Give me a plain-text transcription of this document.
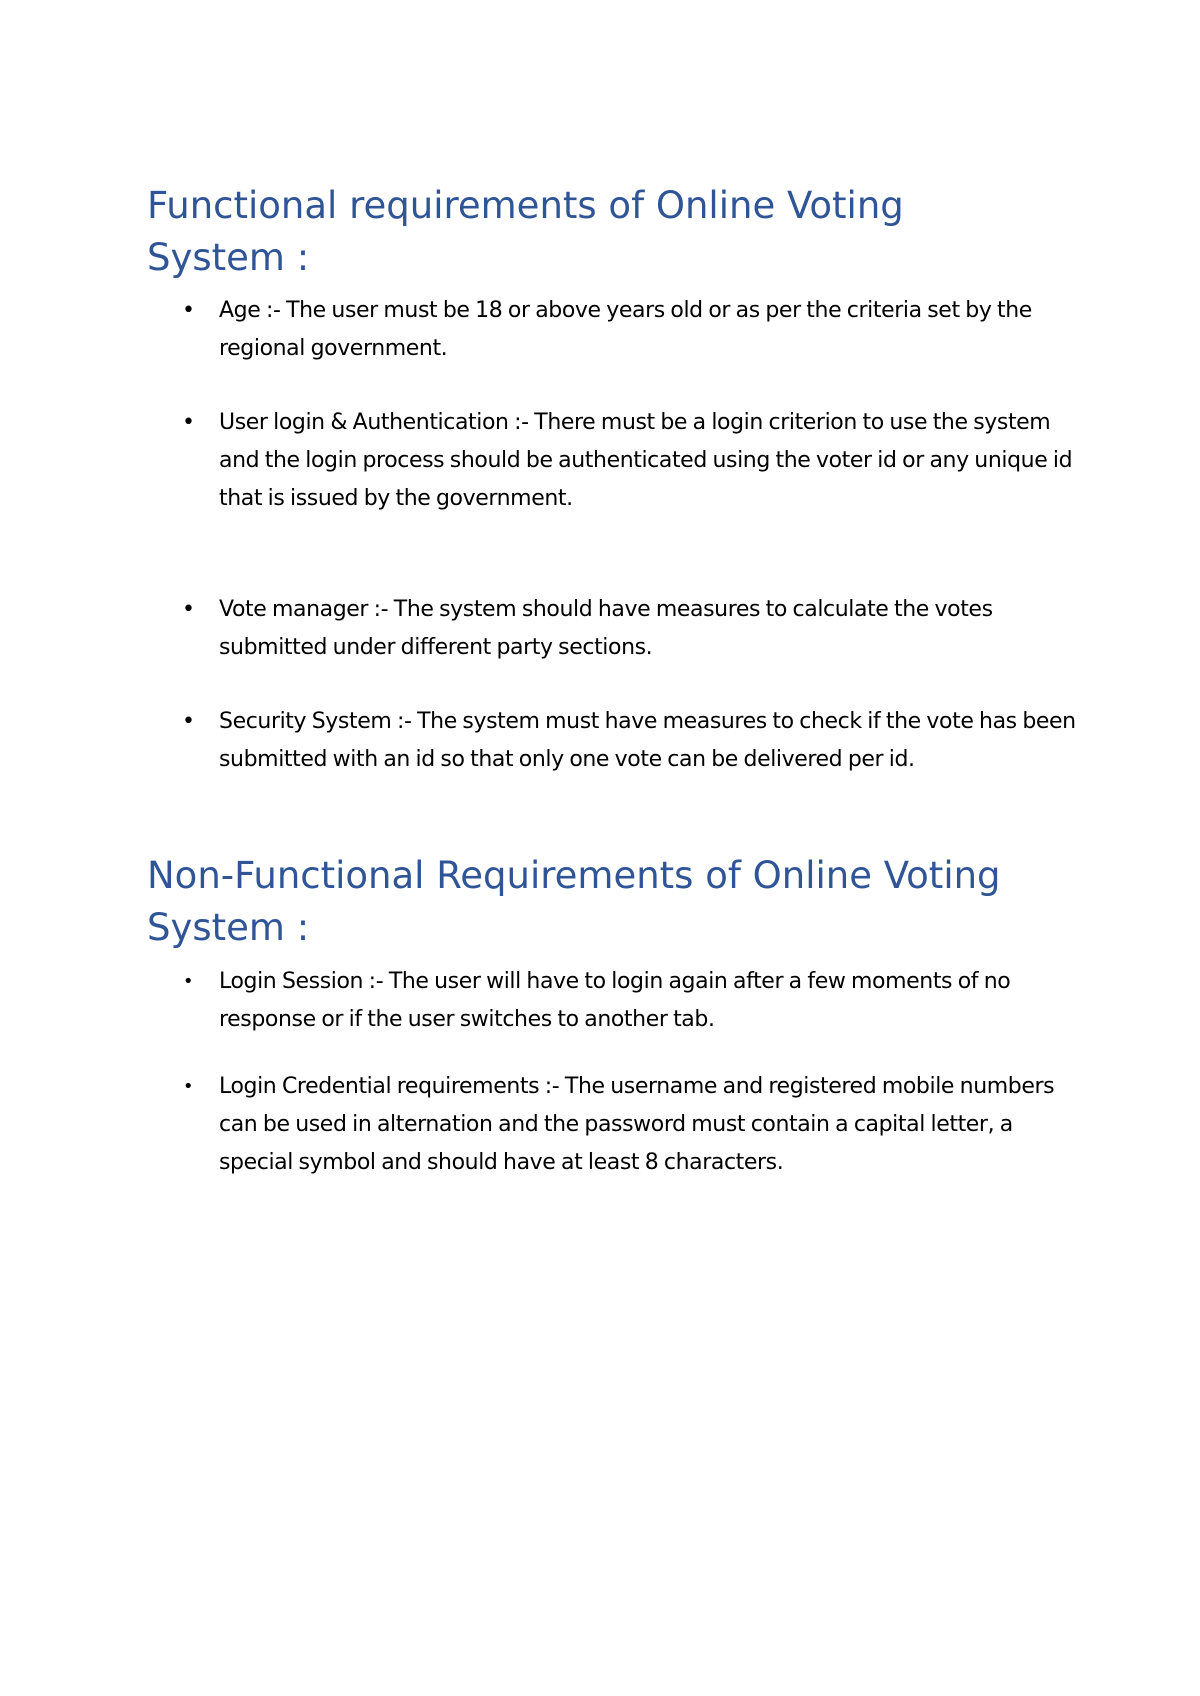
Functional requirements of Online Voting System :
• Age :- The user must be 18 or above years old or as per the criteria set by the regional government.
• User login & Authentication :- There must be a login criterion to use the system and the login process should be authenticated using the voter id or any unique id that is issued by the government.
• Vote manager :- The system should have measures to calculate the votes submitted under different party sections.
• Security System :- The system must have measures to check if the vote has been submitted with an id so that only one vote can be delivered per id.
Non-Functional Requirements of Online Voting System :
• Login Session :- The user will have to login again after a few moments of no response or if the user switches to another tab.
• Login Credential requirements :- The username and registered mobile numbers can be used in alternation and the password must contain a capital letter, a special symbol and should have at least 8 characters.
